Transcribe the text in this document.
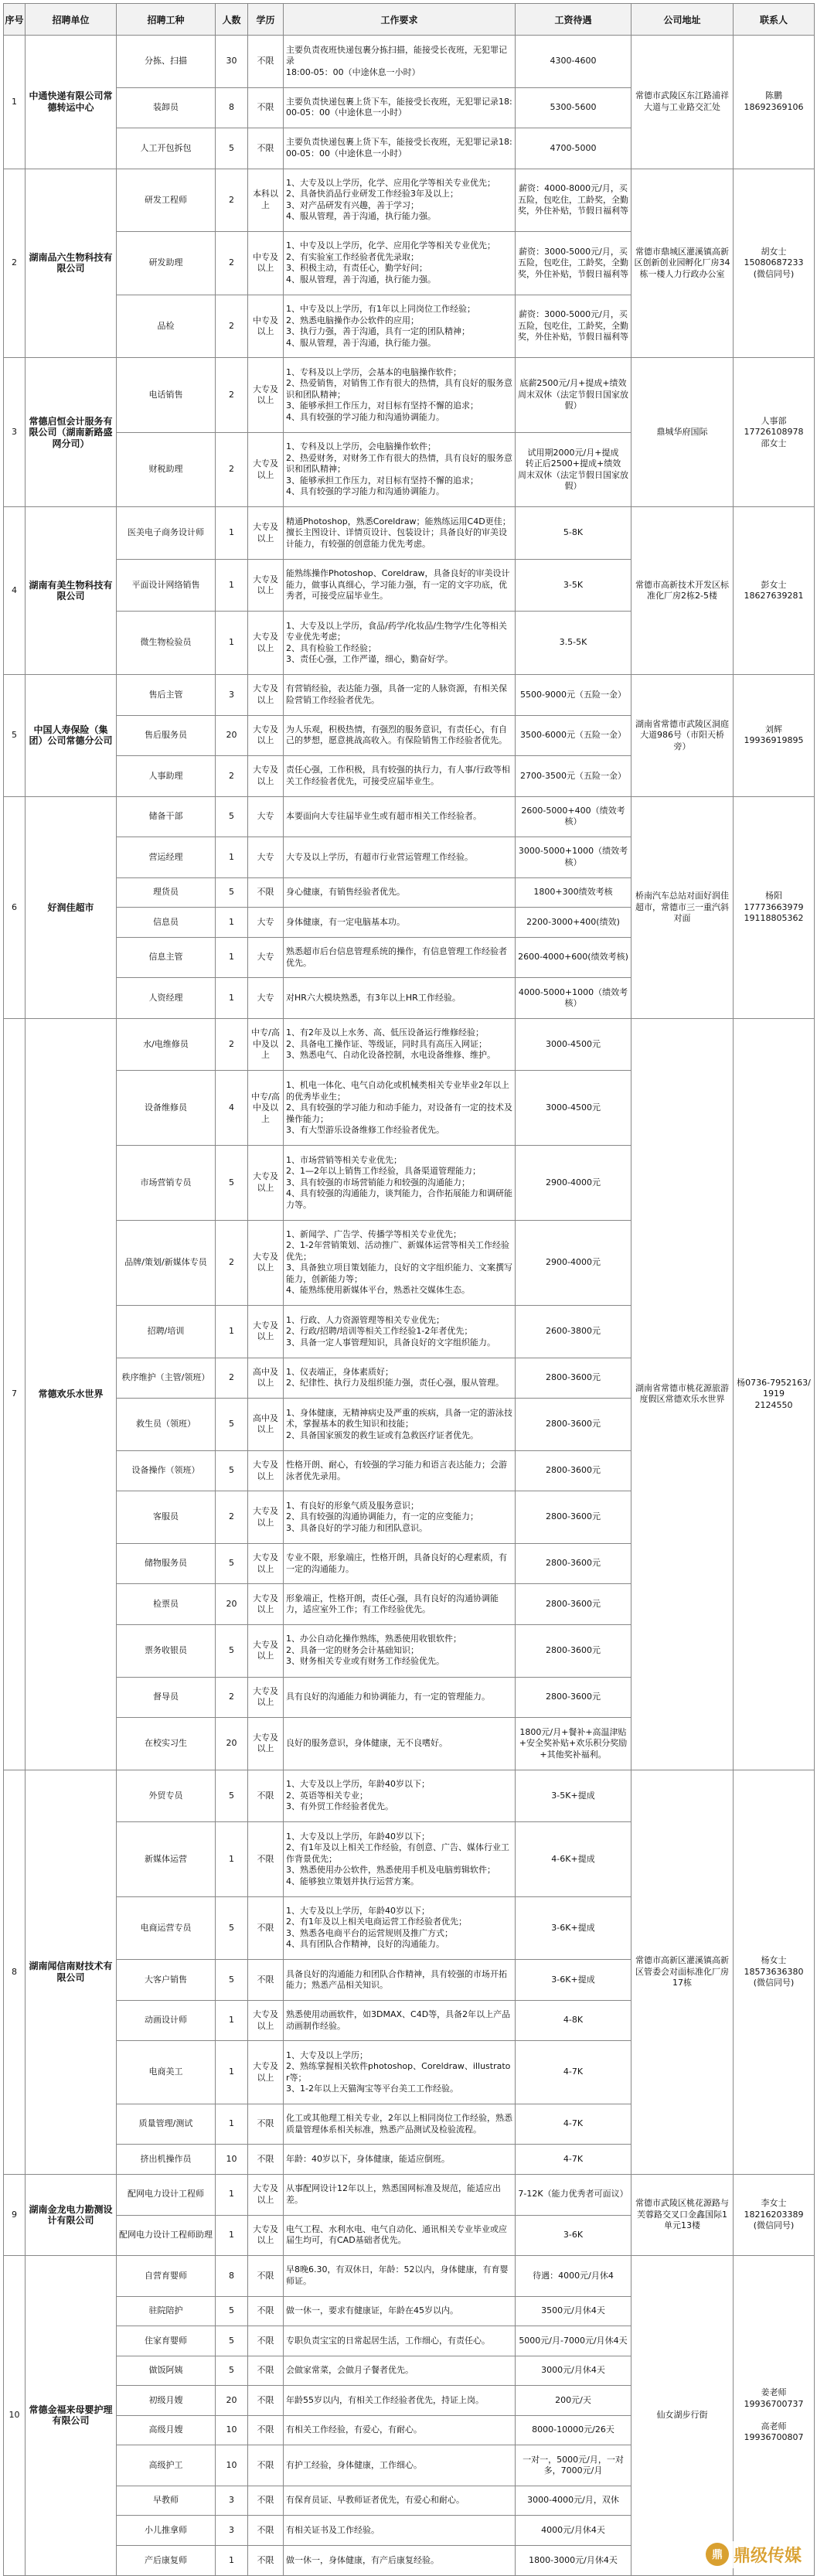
序号	招聘单位	招聘工种	人数	学历	工作要求	工资待遇	公司地址	联系人
1	中通快递有限公司常德转运中心	分拣、扫描	30	不限	主要负责夜班快递包裹分拣扫描，能接受长夜班，无犯罪记录
18:00-05：00（中途休息一小时）	4300-4600	常德市武陵区东江路浦祥大道与工业路交汇处	陈鹏
18692369106
		装卸员	8	不限	主要负责快递包裹上货下车，能接受长夜班，无犯罪记录18:00-05：00（中途休息一小时）	5300-5600		
		人工开包拆包	5	不限	主要负责快递包裹上货下车，能接受长夜班，无犯罪记录18:00-05：00（中途休息一小时）	4700-5000		
2	湖南品六生物科技有限公司	研发工程师	2	本科以上	1、大专及以上学历，化学、应用化学等相关专业优先；
2、具备快消品行业研发工作经验3年及以上；
3、对产品研发有兴趣，善于学习；
4、服从管理，善于沟通，执行能力强。	薪资：4000-8000元/月，买五险，包吃住，工龄奖，全勤奖，外住补贴，节假日福利等	常德市鼎城区灌溪镇高新区创新创业园孵化厂房34栋一楼人力行政办公室	胡女士
15080687233
(微信同号)
		研发助理	2	中专及以上	1、中专及以上学历，化学、应用化学等相关专业优先；
2、有实验室工作经验者优先录取；
3、积极主动，有责任心，勤学好问；
4、服从管理，善于沟通，执行能力强。	薪资：3000-5000元/月，买五险，包吃住，工龄奖，全勤奖，外住补贴，节假日福利等		
		品检	2	中专及以上	1、中专及以上学历，有1年以上同岗位工作经验；
2、熟悉电脑操作办公软件的应用；
3、执行力强，善于沟通，具有一定的团队精神；
4、服从管理，善于沟通，执行能力强。	薪资：3000-5000元/月，买五险，包吃住，工龄奖，全勤奖，外住补贴，节假日福利等		
3	常德启恒会计服务有限公司（湖南新路盛网分司）	电话销售	2	大专及以上	1、专科及以上学历，会基本的电脑操作软件；
2、热爱销售，对销售工作有很大的热情，具有良好的服务意识和团队精神；
3、能够承担工作压力，对目标有坚持不懈的追求；
4、具有较强的学习能力和沟通协调能力。	底薪2500元/月+提成+绩效
周末双休（法定节假日国家放假）	鼎城华府国际	人事部
17726108978
邵女士
		财税助理	2	大专及以上	1、专科及以上学历，会电脑操作软件；
2、热爱财务，对财务工作有很大的热情，具有良好的服务意识和团队精神；
3、能够承担工作压力，对目标有坚持不懈的追求；
4、具有较强的学习能力和沟通协调能力。	试用期2000元/月+提成
转正后2500+提成+绩效
周末双休（法定节假日国家放假）		
4	湖南有美生物科技有限公司	医美电子商务设计师	1	大专及以上	精通Photoshop，熟悉Coreldraw；能熟练运用C4D更佳；擅长主图设计、详情页设计、包装设计；具备良好的审美设计能力，有较强的创意能力优先考虑。	5-8K	常德市高新技术开发区标准化厂房2栋2-5楼	彭女士
18627639281
		平面设计网络销售	1	大专及以上	能熟练操作Photoshop、Coreldraw，具备良好的审美设计能力，做事认真细心，学习能力强，有一定的文字功底，优秀者，可接受应届毕业生。	3-5K		
		微生物检验员	1	大专及以上	1、大专及以上学历，食品/药学/化妆品/生物学/生化等相关专业优先考虑；
2、具有检验工作经验；
3、责任心强，工作严谨，细心，勤奋好学。	3.5-5K		
5	中国人寿保险（集团）公司常德分公司	售后主管	3	大专及以上	有营销经验，表达能力强，具备一定的人脉资源，有相关保险营销工作经验者优先。	5500-9000元（五险一金）	湖南省常德市武陵区洞庭大道986号（市阳天桥旁）	刘辉
19936919895
		售后服务员	20	大专及以上	为人乐观，积极热情，有强烈的服务意识，有责任心，有自己的梦想，愿意挑战高收入。有保险销售工作经验者优先。	3500-6000元（五险一金）		
		人事助理	2	大专及以上	责任心强，工作积极，具有较强的执行力，有人事/行政等相关工作经验者优先，可接受应届毕业生。	2700-3500元（五险一金）		
6	好润佳超市	储备干部	5	大专	本要面向大专往届毕业生或有超市相关工作经验者。	2600-5000+400（绩效考核）	桥南汽车总站对面好润佳超市，常德市三一重汽斜对面	杨阳
17773663979
19118805362
		营运经理	1	大专	大专及以上学历，有超市行业营运管理工作经验。	3000-5000+1000（绩效考核）		
		理货员	5	不限	身心健康，有销售经验者优先。	1800+300绩效考核		
		信息员	1	大专	身体健康，有一定电脑基本功。	2200-3000+400(绩效)		
		信息主管	1	大专	熟悉超市后台信息管理系统的操作，有信息管理工作经验者优先。	2600-4000+600(绩效考核)		
		人资经理	1	大专	对HR六大模块熟悉，有3年以上HR工作经验。	4000-5000+1000（绩效考核）		
7	常德欢乐水世界	水/电维修员	2	中专/高中及以上	1、有2年及以上水务、高、低压设备运行维修经验；
2、具备电工操作证、等级证，同时具有高压入网证；
3、熟悉电气、自动化设备控制，水电设备维修、维护。	3000-4500元	湖南省常德市桃花源旅游度假区常德欢乐水世界	杨0736-7952163/1919
2124550
		设备维修员	4	中专/高中及以上	1、机电一体化、电气自动化或机械类相关专业毕业2年以上的优秀毕业生；
2、具有较强的学习能力和动手能力，对设备有一定的技术及操作能力；
3、有大型游乐设备维修工作经验者优先。	3000-4500元		
		市场营销专员	5	大专及以上	1、市场营销等相关专业优先；
2、1—2年以上销售工作经验，具备渠道管理能力；
3、具有较强的市场营销能力和较强的沟通能力；
4、具有较强的沟通能力，谈判能力，合作拓展能力和调研能力等。	2900-4000元		
		品牌/策划/新媒体专员	2	大专及以上	1、新闻学、广告学、传播学等相关专业优先；
2、1-2年营销策划、活动推广、新媒体运营等相关工作经验优先；
3、具备独立项目策划能力，良好的文字组织能力、文案撰写能力，创新能力等；
4、能熟练使用新媒体平台，熟悉社交媒体生态。	2900-4000元		
		招聘/培训	1	大专及以上	1、行政、人力资源管理等相关专业优先；
2、行政/招聘/培训等相关工作经验1-2年者优先；
3、具备一定人事管理知识，具备良好的文字组织能力。	2600-3800元		
		秩序维护（主管/领班）	2	高中及以上	1、仪表端正，身体素质好；
2、纪律性、执行力及组织能力强，责任心强，服从管理。	2800-3600元		
		救生员（领班）	5	高中及以上	1、身体健康，无精神病史及严重的疾病，具备一定的游泳技术，掌握基本的救生知识和技能；
2、具备国家颁发的救生证或有急救医疗证者优先。	2800-3600元		
		设备操作（领班）	5	大专及以上	性格开朗、耐心，有较强的学习能力和语言表达能力；会游泳者优先录用。	2800-3600元		
		客服员	2	大专及以上	1、有良好的形象气质及服务意识；
2、具有较强的沟通协调能力，有一定的应变能力；
3、具备良好的学习能力和团队意识。	2800-3600元		
		储物服务员	5	大专及以上	专业不限，形象端庄，性格开朗，具备良好的心理素质，有一定的沟通能力。	2800-3600元		
		检票员	20	大专及以上	形象端正，性格开朗，责任心强，具有良好的沟通协调能力，适应室外工作；有工作经验优先。	2800-3600元		
		票务收银员	5	大专及以上	1、办公自动化操作熟练，熟悉使用收银软件；
2、具备一定的财务会计基础知识；
3、财务相关专业或有财务工作经验优先。	2800-3600元		
		督导员	2	大专及以上	具有良好的沟通能力和协调能力，有一定的管理能力。	2800-3600元		
		在校实习生	20	大专及以上	良好的服务意识，身体健康，无不良嗜好。	1800元/月+餐补+高温津贴+安全奖补贴+欢乐积分奖励+其他奖补福利。		
8	湖南闻信南财技术有限公司	外贸专员	5	不限	1、大专及以上学历，年龄40岁以下；
2、英语等相关专业；
3、有外贸工作经验者优先。	3-5K+提成	常德市高新区灌溪镇高新区管委会对面标准化厂房17栋	杨女士
18573636380
(微信同号)
		新媒体运营	1	不限	1、大专及以上学历，年龄40岁以下；
2、有1年及以上相关工作经验，有创意、广告、媒体行业工作背景优先；
3、熟悉使用办公软件，熟悉使用手机及电脑剪辑软件；
4、能够独立策划并执行运营方案。	4-6K+提成		
		电商运营专员	5	不限	1、大专及以上学历，年龄40岁以下；
2、有1年及以上相关电商运营工作经验者优先；
3、熟悉各电商平台的运营规则及推广方式；
4、具有团队合作精神，良好的沟通能力。	3-6K+提成		
		大客户销售	5	不限	具备良好的沟通能力和团队合作精神，具有较强的市场开拓能力；熟悉产品相关知识。	3-6K+提成		
		动画设计师	1	大专及以上	熟悉使用动画软件，如3DMAX、C4D等，具备2年以上产品动画制作经验。	4-8K		
		电商美工	1	大专及以上	1、大专及以上学历；
2、熟练掌握相关软件photoshop、Coreldraw、illustrator等；
3、1-2年以上天猫淘宝等平台美工工作经验。	4-7K		
		质量管理/测试	1	不限	化工或其他理工相关专业，2年以上相同岗位工作经验，熟悉质量管理体系相关标准，熟悉产品测试及检验流程。	4-7K		
		挤出机操作员	10	不限	年龄：40岁以下，身体健康，能适应倒班。	4-7K		
9	湖南金龙电力勘测设计有限公司	配网电力设计工程师	1	大专及以上	从事配网设计12年以上，熟悉国网标准及规范，能适应出差。	7-12K（能力优秀者可面议）	常德市武陵区桃花源路与芙蓉路交叉口金鑫国际1单元13楼	李女士
18216203389
(微信同号)
		配网电力设计工程师助理	1	大专及以上	电气工程、水利水电、电气自动化、通讯相关专业毕业或应届生均可，有CAD基础者优先。	3-6K		
10	常德金福来母婴护理有限公司	自营育婴师	8	不限	早8晚6.30，有双休日，年龄：52以内，身体健康，有育婴师证。	待遇：4000元/月休4	仙女湖步行街	姜老师
19936700737

高老师
19936700807
		驻院陪护	5	不限	做一休一，要求有健康证，年龄在45岁以内。	3500元/月休4天		
		住家育婴师	5	不限	专职负责宝宝的日常起居生活，工作细心，有责任心。	5000元/月-7000元/月休4天		
		做饭阿姨	5	不限	会做家常菜，会做月子餐者优先。	3000元/月休4天		
		初级月嫂	20	不限	年龄55岁以内，有相关工作经验者优先，持证上岗。	200元/天		
		高级月嫂	10	不限	有相关工作经验，有爱心，有耐心。	8000-10000元/26天		
		高级护工	10	不限	有护工经验，身体健康，工作细心。	一对一，5000元/月，一对多，7000元/月		
		早教师	3	不限	有保育员证、早教师证者优先，有爱心和耐心。	3000-4000元/月，双休		
		小儿推拿师	3	不限	有相关证书及工作经验。	4000元/月休4天		
		产后康复师	1	不限	做一休一，身体健康，有产后康复经验。	1800-3000元/月休4天			鼎 鼎级传媒
